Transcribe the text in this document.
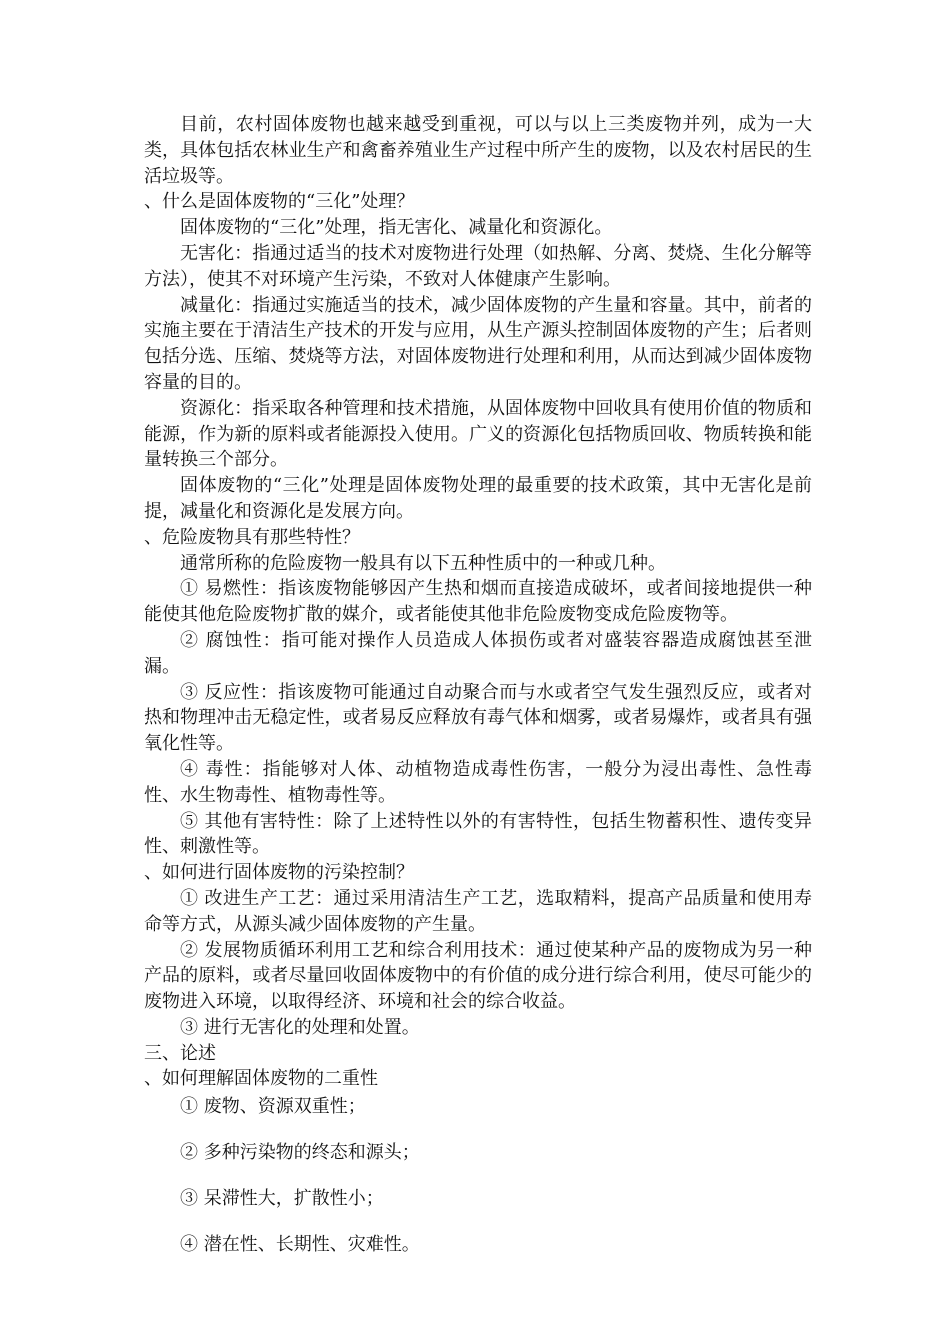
目前，农村固体废物也越来越受到重视，可以与以上三类废物并列，成为一大类，具体包括农林业生产和禽畜养殖业生产过程中所产生的废物，以及农村居民的生活垃圾等。

、什么是固体废物的“三化”处理？

固体废物的“三化”处理，指无害化、减量化和资源化。

无害化：指通过适当的技术对废物进行处理（如热解、分离、焚烧、生化分解等方法），使其不对环境产生污染，不致对人体健康产生影响。

减量化：指通过实施适当的技术，减少固体废物的产生量和容量。其中，前者的实施主要在于清洁生产技术的开发与应用，从生产源头控制固体废物的产生；后者则包括分选、压缩、焚烧等方法，对固体废物进行处理和利用，从而达到减少固体废物容量的目的。

资源化：指采取各种管理和技术措施，从固体废物中回收具有使用价值的物质和能源，作为新的原料或者能源投入使用。广义的资源化包括物质回收、物质转换和能量转换三个部分。

固体废物的“三化”处理是固体废物处理的最重要的技术政策，其中无害化是前提，减量化和资源化是发展方向。

、危险废物具有那些特性？

通常所称的危险废物一般具有以下五种性质中的一种或几种。

① 易燃性：指该废物能够因产生热和烟而直接造成破坏，或者间接地提供一种能使其他危险废物扩散的媒介，或者能使其他非危险废物变成危险废物等。

② 腐蚀性：指可能对操作人员造成人体损伤或者对盛装容器造成腐蚀甚至泄漏。

③ 反应性：指该废物可能通过自动聚合而与水或者空气发生强烈反应，或者对热和物理冲击无稳定性，或者易反应释放有毒气体和烟雾，或者易爆炸，或者具有强氧化性等。

④ 毒性：指能够对人体、动植物造成毒性伤害，一般分为浸出毒性、急性毒性、水生物毒性、植物毒性等。

⑤ 其他有害特性：除了上述特性以外的有害特性，包括生物蓄积性、遗传变异性、刺激性等。

、如何进行固体废物的污染控制？

① 改进生产工艺：通过采用清洁生产工艺，选取精料，提高产品质量和使用寿命等方式，从源头减少固体废物的产生量。

② 发展物质循环利用工艺和综合利用技术：通过使某种产品的废物成为另一种产品的原料，或者尽量回收固体废物中的有价值的成分进行综合利用，使尽可能少的废物进入环境，以取得经济、环境和社会的综合收益。

③ 进行无害化的处理和处置。

三、论述

、如何理解固体废物的二重性

① 废物、资源双重性；

② 多种污染物的终态和源头；

③ 呆滞性大，扩散性小；

④ 潜在性、长期性、灾难性。
